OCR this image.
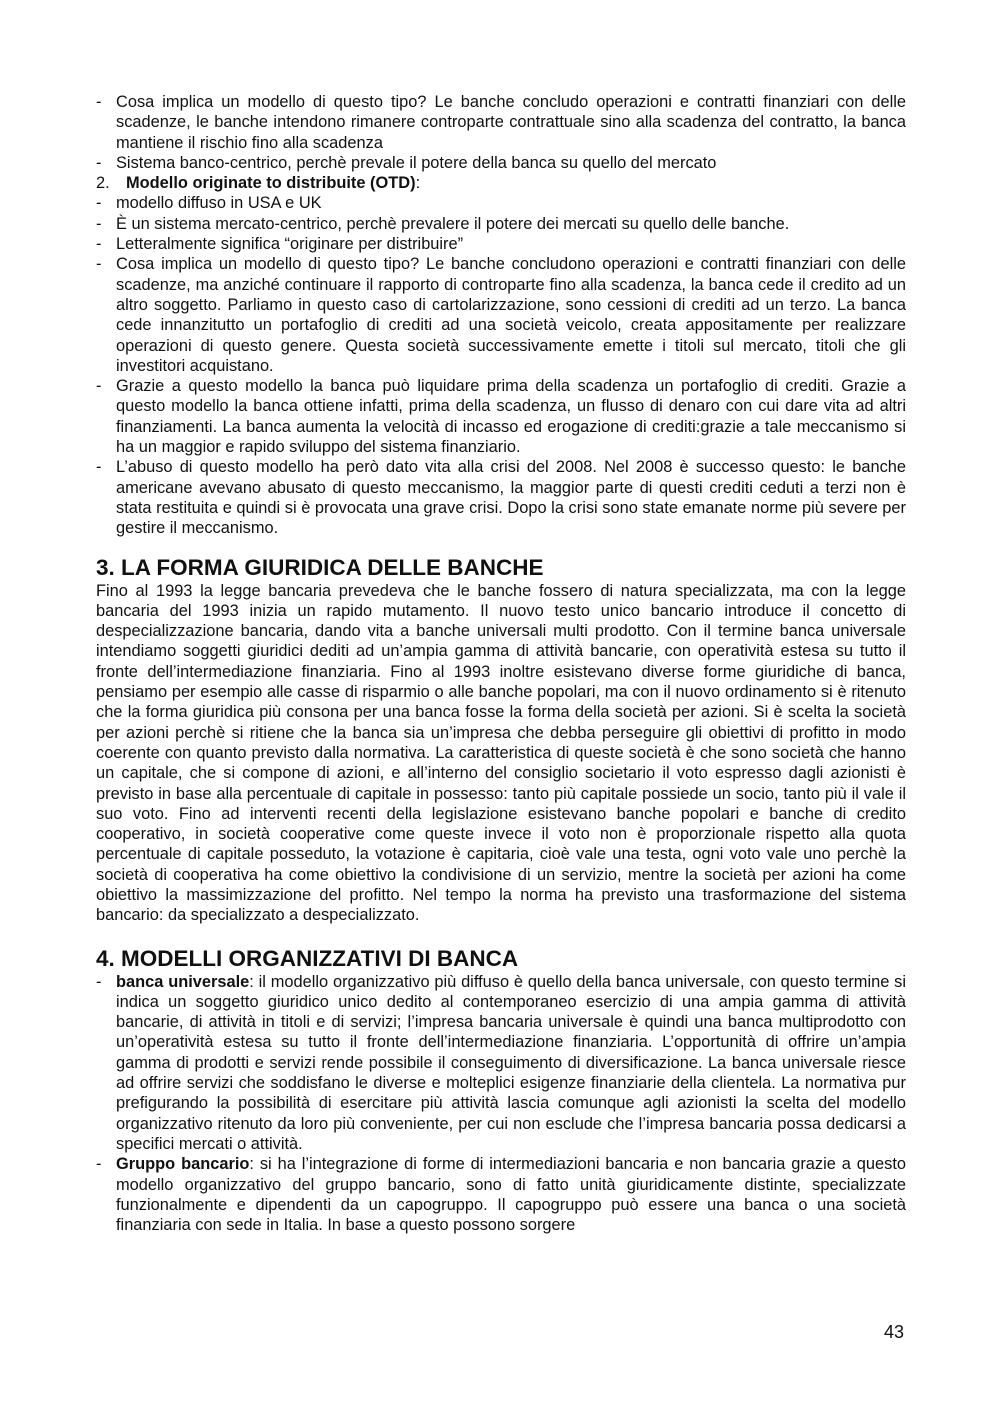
- Cosa implica un modello di questo tipo? Le banche concludo operazioni e contratti finanziari con delle scadenze, le banche intendono rimanere controparte contrattuale sino alla scadenza del contratto, la banca mantiene il rischio fino alla scadenza
- Sistema banco-centrico, perchè prevale il potere della banca su quello del mercato
2. Modello originate to distribuite (OTD):
- modello diffuso in USA e UK
- È un sistema mercato-centrico, perchè prevalere il potere dei mercati su quello delle banche.
- Letteralmente significa “originare per distribuire”
- Cosa implica un modello di questo tipo? Le banche concludono operazioni e contratti finanziari con delle scadenze, ma anziché continuare il rapporto di controparte fino alla scadenza, la banca cede il credito ad un altro soggetto. Parliamo in questo caso di cartolarizzazione, sono cessioni di crediti ad un terzo. La banca cede innanzitutto un portafoglio di crediti ad una società veicolo, creata appositamente per realizzare operazioni di questo genere. Questa società successivamente emette i titoli sul mercato, titoli che gli investitori acquistano.
- Grazie a questo modello la banca può liquidare prima della scadenza un portafoglio di crediti. Grazie a questo modello la banca ottiene infatti, prima della scadenza, un flusso di denaro con cui dare vita ad altri finanziamenti. La banca aumenta la velocità di incasso ed erogazione di crediti:grazie a tale meccanismo si ha un maggior e rapido sviluppo del sistema finanziario.
- L’abuso di questo modello ha però dato vita alla crisi del 2008. Nel 2008 è successo questo: le banche americane avevano abusato di questo meccanismo, la maggior parte di questi crediti ceduti a terzi non è stata restituita e quindi si è provocata una grave crisi. Dopo la crisi sono state emanate norme più severe per gestire il meccanismo.
3. LA FORMA GIURIDICA DELLE BANCHE

Fino al 1993 la legge bancaria prevedeva che le banche fossero di natura specializzata, ma con la legge bancaria del 1993 inizia un rapido mutamento. Il nuovo testo unico bancario introduce il concetto di despecializzazione bancaria, dando vita a banche universali multi prodotto. Con il termine banca universale intendiamo soggetti giuridici dediti ad un’ampia gamma di attività bancarie, con operatività estesa su tutto il fronte dell’intermediazione finanziaria. Fino al 1993 inoltre esistevano diverse forme giuridiche di banca, pensiamo per esempio alle casse di risparmio o alle banche popolari, ma con il nuovo ordinamento si è ritenuto che la forma giuridica più consona per una banca fosse la forma della società per azioni. Si è scelta la società per azioni perchè si ritiene che la banca sia un’impresa che debba perseguire gli obiettivi di profitto in modo coerente con quanto previsto dalla normativa. La caratteristica di queste società è che sono società che hanno un capitale, che si compone di azioni, e all’interno del consiglio societario il voto espresso dagli azionisti è previsto in base alla percentuale di capitale in possesso: tanto più capitale possiede un socio, tanto più il vale il suo voto. Fino ad interventi recenti della legislazione esistevano banche popolari e banche di credito cooperativo, in società cooperative come queste invece il voto non è proporzionale rispetto alla quota percentuale di capitale posseduto, la votazione è capitaria, cioè vale una testa, ogni voto vale uno perchè la società di cooperativa ha come obiettivo la condivisione di un servizio, mentre la società per azioni ha come obiettivo la massimizzazione del profitto. Nel tempo la norma ha previsto una trasformazione del sistema bancario: da specializzato a despecializzato.

4. MODELLI ORGANIZZATIVI DI BANCA
- banca universale: il modello organizzativo più diffuso è quello della banca universale, con questo termine si indica un soggetto giuridico unico dedito al contemporaneo esercizio di una ampia gamma di attività bancarie, di attività in titoli e di servizi; l’impresa bancaria universale è quindi una banca multiprodotto con un’operatività estesa su tutto il fronte dell’intermediazione finanziaria. L’opportunità di offrire un’ampia gamma di prodotti e servizi rende possibile il conseguimento di diversificazione. La banca universale riesce ad offrire servizi che soddisfano le diverse e molteplici esigenze finanziarie della clientela. La normativa pur prefigurando la possibilità di esercitare più attività lascia comunque agli azionisti la scelta del modello organizzativo ritenuto da loro più conveniente, per cui non esclude che l’impresa bancaria possa dedicarsi a specifici mercati o attività.
- Gruppo bancario: si ha l’integrazione di forme di intermediazioni bancaria e non bancaria grazie a questo modello organizzativo del gruppo bancario, sono di fatto unità giuridicamente distinte, specializzate funzionalmente e dipendenti da un capogruppo. Il capogruppo può essere una banca o una società finanziaria con sede in Italia. In base a questo possono sorgere
43
